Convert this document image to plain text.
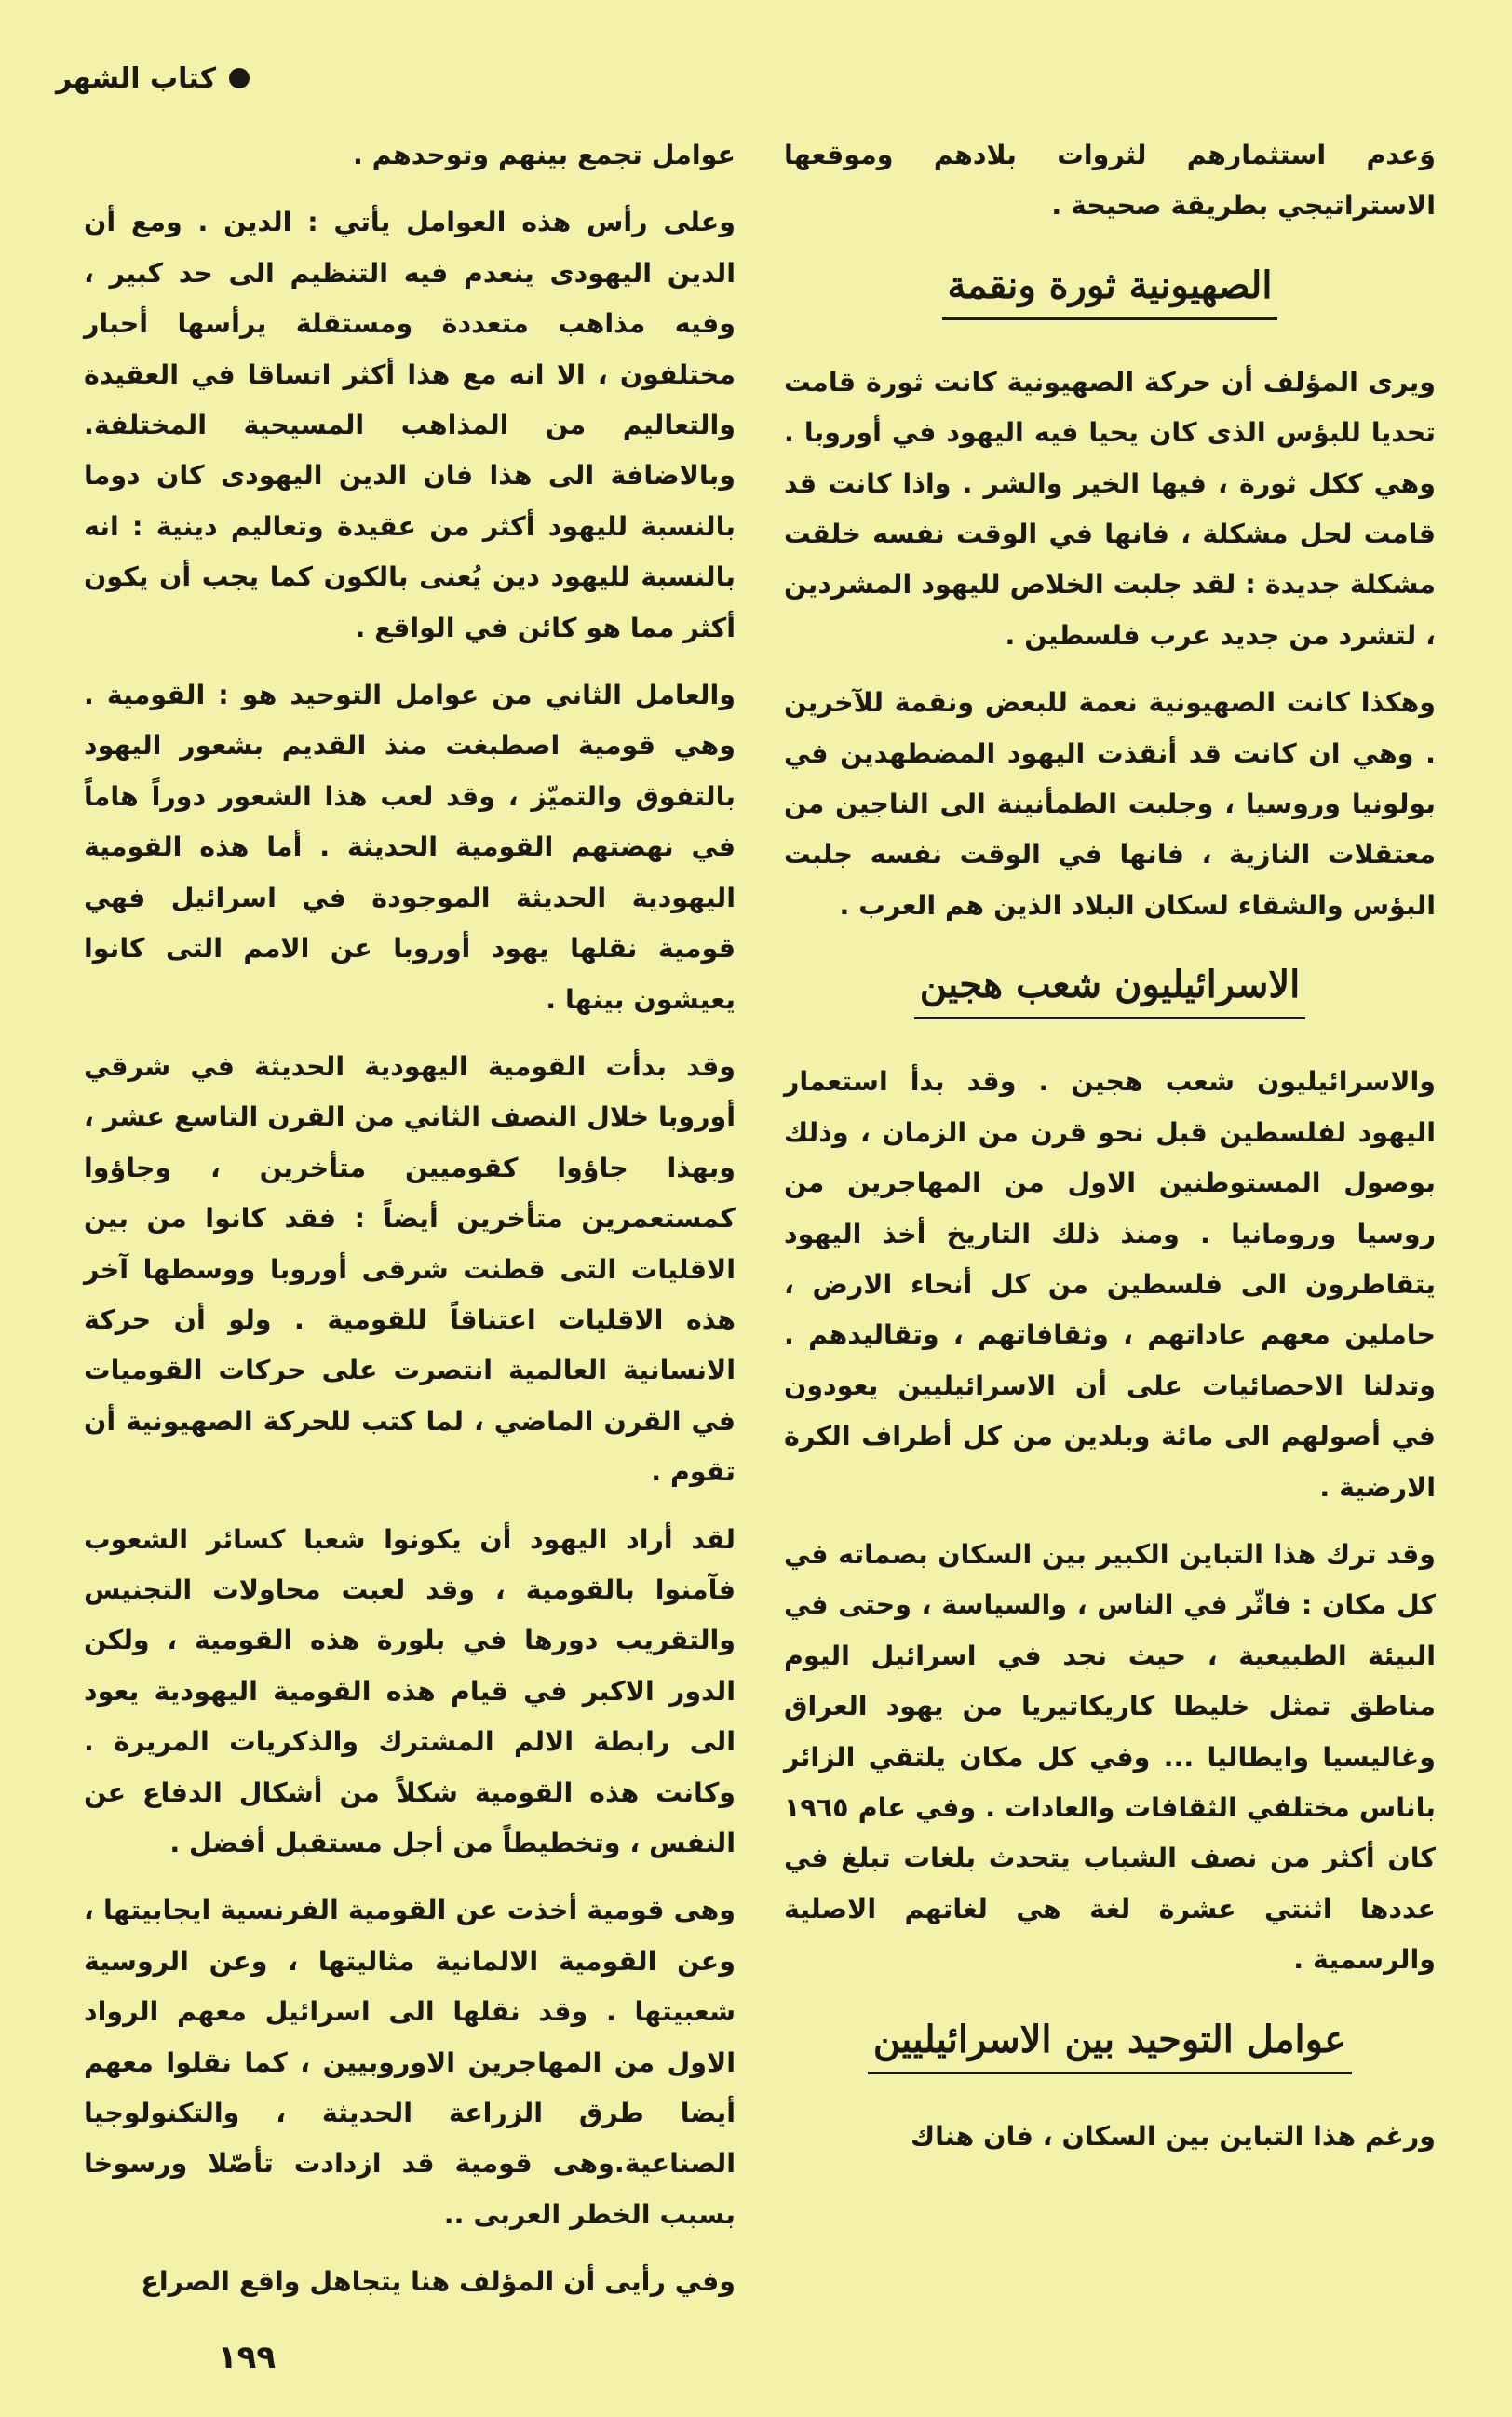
كتاب الشهر

وَعدم استثمارهم لثروات بلادهم وموقعها الاستراتيجي بطريقة صحيحة .

الصهيونية ثورة ونقمة

ويرى المؤلف أن حركة الصهيونية كانت ثورة قامت تحديا للبؤس الذى كان يحيا فيه اليهود في أوروبا . وهي ككل ثورة ، فيها الخير والشر . واذا كانت قد قامت لحل مشكلة ، فانها في الوقت نفسه خلقت مشكلة جديدة : لقد جلبت الخلاص لليهود المشردين ، لتشرد من جديد عرب فلسطين .

وهكذا كانت الصهيونية نعمة للبعض ونقمة للآخرين . وهي ان كانت قد أنقذت اليهود المضطهدين في بولونيا وروسيا ، وجلبت الطمأنينة الى الناجين من معتقلات النازية ، فانها في الوقت نفسه جلبت البؤس والشقاء لسكان البلاد الذين هم العرب .

الاسرائيليون شعب هجين

والاسرائيليون شعب هجين . وقد بدأ استعمار اليهود لفلسطين قبل نحو قرن من الزمان ، وذلك بوصول المستوطنين الاول من المهاجرين من روسيا ورومانيا . ومنذ ذلك التاريخ أخذ اليهود يتقاطرون الى فلسطين من كل أنحاء الارض ، حاملين معهم عاداتهم ، وثقافاتهم ، وتقاليدهم . وتدلنا الاحصائيات على أن الاسرائيليين يعودون في أصولهم الى مائة وبلدين من كل أطراف الكرة الارضية .

وقد ترك هذا التباين الكبير بين السكان بصماته في كل مكان : فاثّر في الناس ، والسياسة ، وحتى في البيئة الطبيعية ، حيث نجد في اسرائيل اليوم مناطق تمثل خليطا كاريكاتيريا من يهود العراق وغاليسيا وايطاليا ... وفي كل مكان يلتقي الزائر باناس مختلفي الثقافات والعادات . وفي عام ١٩٦٥ كان أكثر من نصف الشباب يتحدث بلغات تبلغ في عددها اثنتي عشرة لغة هي لغاتهم الاصلية والرسمية .

عوامل التوحيد بين الاسرائيليين

ورغم هذا التباين بين السكان ، فان هناك

عوامل تجمع بينهم وتوحدهم .

وعلى رأس هذه العوامل يأتي : الدين . ومع أن الدين اليهودى ينعدم فيه التنظيم الى حد كبير ، وفيه مذاهب متعددة ومستقلة يرأسها أحبار مختلفون ، الا انه مع هذا أكثر اتساقا في العقيدة والتعاليم من المذاهب المسيحية المختلفة. وبالاضافة الى هذا فان الدين اليهودى كان دوما بالنسبة لليهود أكثر من عقيدة وتعاليم دينية : انه بالنسبة لليهود دين يُعنى بالكون كما يجب أن يكون أكثر مما هو كائن في الواقع .

والعامل الثاني من عوامل التوحيد هو : القومية . وهي قومية اصطبغت منذ القديم بشعور اليهود بالتفوق والتميّز ، وقد لعب هذا الشعور دوراً هاماً في نهضتهم القومية الحديثة . أما هذه القومية اليهودية الحديثة الموجودة في اسرائيل فهي قومية نقلها يهود أوروبا عن الامم التى كانوا يعيشون بينها .

وقد بدأت القومية اليهودية الحديثة في شرقي أوروبا خلال النصف الثاني من القرن التاسع عشر ، وبهذا جاؤوا كقوميين متأخرين ، وجاؤوا كمستعمرين متأخرين أيضاً : فقد كانوا من بين الاقليات التى قطنت شرقى أوروبا ووسطها آخر هذه الاقليات اعتناقاً للقومية . ولو أن حركة الانسانية العالمية انتصرت على حركات القوميات في القرن الماضي ، لما كتب للحركة الصهيونية أن تقوم .

لقد أراد اليهود أن يكونوا شعبا كسائر الشعوب فآمنوا بالقومية ، وقد لعبت محاولات التجنيس والتقريب دورها في بلورة هذه القومية ، ولكن الدور الاكبر في قيام هذه القومية اليهودية يعود الى رابطة الالم المشترك والذكريات المريرة . وكانت هذه القومية شكلاً من أشكال الدفاع عن النفس ، وتخطيطاً من أجل مستقبل أفضل .

وهى قومية أخذت عن القومية الفرنسية ايجابيتها ، وعن القومية الالمانية مثاليتها ، وعن الروسية شعبيتها . وقد نقلها الى اسرائيل معهم الرواد الاول من المهاجرين الاوروبيين ، كما نقلوا معهم أيضا طرق الزراعة الحديثة ، والتكنولوجيا الصناعية.وهى قومية قد ازدادت تأصّلا ورسوخا بسبب الخطر العربى ..

وفي رأيى أن المؤلف هنا يتجاهل واقع الصراع

١٩٩
